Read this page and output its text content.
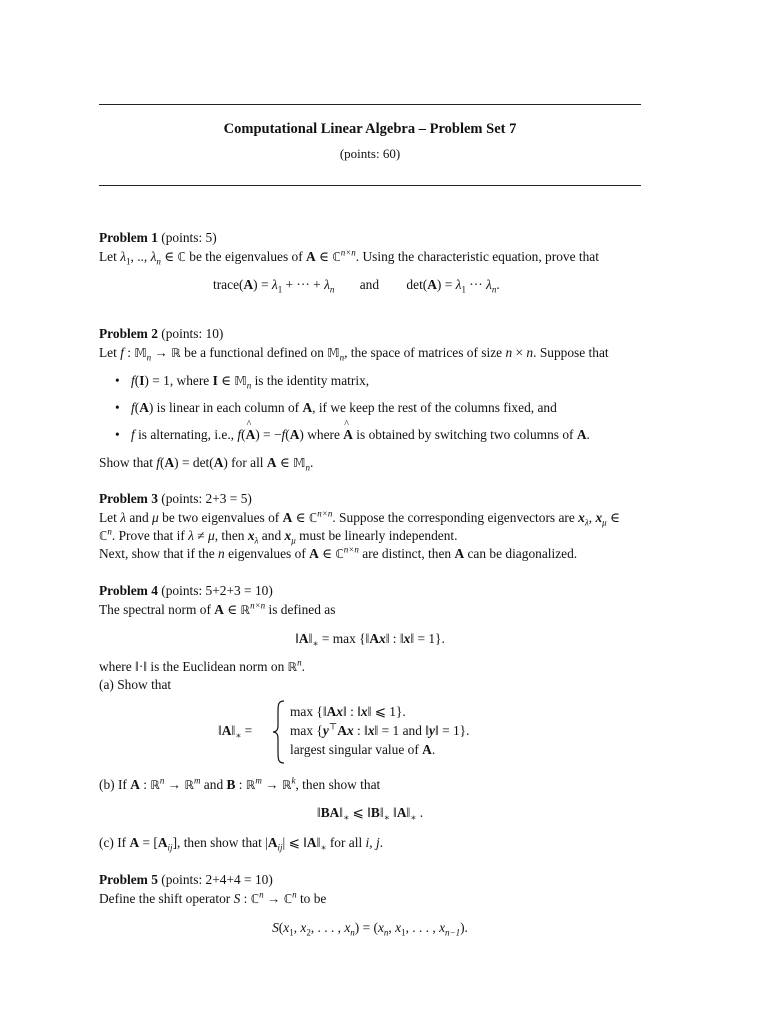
Computational Linear Algebra – Problem Set 7
(points: 60)
Problem 1 (points: 5)
Let $\lambda_1$, .., $\lambda_n$ ∈ ℂ be the eigenvalues of A ∈ ℂ$^{n\times n}$. Using the characteristic equation, prove that
trace(A) = $\lambda_1$ + ··· + $\lambda_n$ and $\det(A) = \lambda_1$ ··· $\lambda_n$.
Problem 2 (points: 10)
Let f : 𝕄$_n$ → ℝ be a functional defined on 𝕄$_n$, the space of matrices of size n × n. Suppose that
• f(I) = 1, where I ∈ 𝕄$_n$ is the identity matrix,
• f(A) is linear in each column of A, if we keep the rest of the columns fixed, and
• f is alternating, i.e., f(A ^) = −f(A) where A ^ is obtained by switching two columns of A.
Show that f(A) = det(A) for all A ∈ 𝕄$_n$.
Problem 3 (points: 2+3 = 5)
Let λ and μ be two eigenvalues of A ∈ ℂ$^{n\times n}$. Suppose the corresponding eigenvectors are $x_\lambda$, $x_\mu$ ∈
ℂ$^n$. Prove that if λ ≠ μ, then $x_\lambda$ and $x_\mu$ must be linearly independent.
Next, show that if the n eigenvalues of A ∈ ℂ$^{n\times n}$ are distinct, then A can be diagonalized.
Problem 4 (points: 5+2+3 = 10)
The spectral norm of A ∈ ℝ$^{n\times n}$ is defined as
$‖A‖_∗ = \max$ {‖Ax‖ : ‖x‖ = 1}.
where ‖·‖ is the Euclidean norm on ℝ$^n$.
(a) Show that
$‖A‖_∗$ =
max {‖Ax‖ : ‖x‖ ⩽ 1}.
max {y⊤Ax : ‖x‖ = 1 and ‖y‖ = 1}.
largest singular value of A.
(b) If A : ℝ$^n$ → ℝ$^m$ and B : ℝ$^m$ → ℝ$^k$, then show that
$‖BA‖_∗$ ⩽ $‖B‖_∗$ $‖A‖_∗$ .
(c) If $A = [A_{ij}]$, then show that $|A_{ij}|$ ⩽ $‖A‖_∗$ for all i, j.
Problem 5 (points: 2+4+4 = 10)
Define the shift operator S : ℂ$^n$ → ℂ$^n$ to be
$S(x_1$, $x_2$, . . . , $x_n) = (x_n$, $x_1$, . . . , $x_{n-1}$).
